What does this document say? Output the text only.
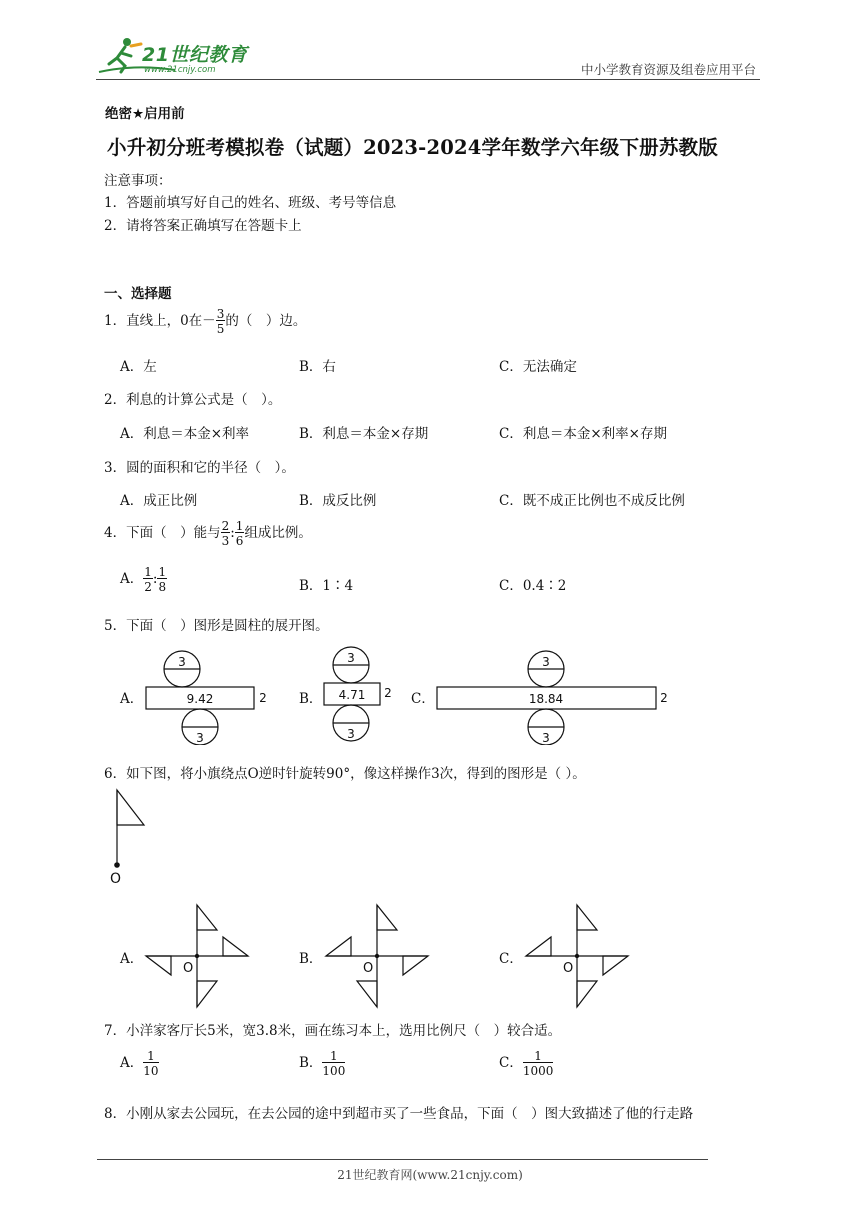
21世纪教育
www.21cnjy.com	中小学教育资源及组卷应用平台
绝密★启用前
小升初分班考模拟卷（试题）2023-2024学年数学六年级下册苏教版
注意事项：
1．答题前填写好自己的姓名、班级、考号等信息
2．请将答案正确填写在答题卡上
一、选择题
1．直线上，0在－ $\frac{3}{5}$ 的（　）边。
A．左	B．右	C．无法确定
2．利息的计算公式是（　）。
A．利息＝本金×利率	B．利息＝本金×存期	C．利息＝本金×利率×存期
3．圆的面积和它的半径（　）。
A．成正比例	B．成反比例	C．既不成正比例也不成反比例
4．下面（　）能与 $\frac{2}{3}$ : $\frac{1}{6}$ 组成比例。
A． $\frac{1}{2}$ : $\frac{1}{8}$	B．1∶4	C．0.4∶2
5．下面（　）图形是圆柱的展开图。
A．	B．	C．
3
3
9.42	2
3
3
4.71 2
3
3
18.84	2
6．如下图，将小旗绕点O逆时针旋转90°，像这样操作3次，得到的图形是（ ）。
O
A．	B．	C．
O	O	O
7．小洋家客厅长5米，宽3.8米，画在练习本上，选用比例尺（　）较合适。
A． $\frac{1}{10}$	B． $\frac{1}{100}$	C． $\frac{1}{1000}$
8．小刚从家去公园玩，在去公园的途中到超市买了一些食品，下面（　）图大致描述了他的行走路
21世纪教育网(www.21cnjy.com)
